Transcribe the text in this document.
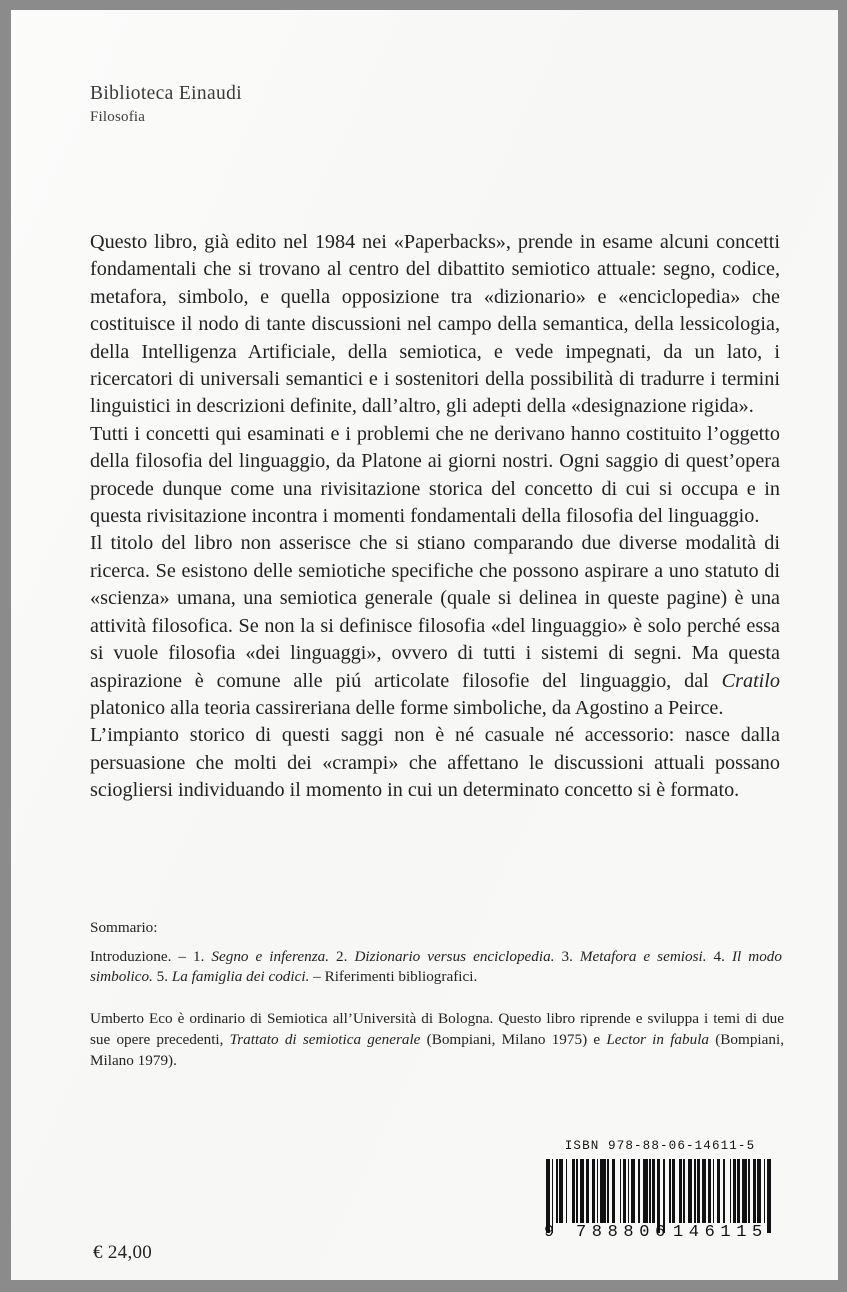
Biblioteca Einaudi
Filosofia

Questo libro, già edito nel 1984 nei «Paperbacks», prende in esame alcuni concetti fondamentali che si trovano al centro del dibattito semiotico attuale: segno, codice, metafora, simbolo, e quella opposizione tra «dizionario» e «enciclopedia» che costituisce il nodo di tante discussioni nel campo della semantica, della lessicologia, della Intelligenza Artificiale, della semiotica, e vede impegnati, da un lato, i ricercatori di universali semantici e i sostenitori della possibilità di tradurre i termini linguistici in descrizioni definite, dall’altro, gli adepti della «designazione rigida».

Tutti i concetti qui esaminati e i problemi che ne derivano hanno costituito l’oggetto della filosofia del linguaggio, da Platone ai giorni nostri. Ogni saggio di quest’opera procede dunque come una rivisitazione storica del concetto di cui si occupa e in questa rivisitazione incontra i momenti fondamentali della filosofia del linguaggio.

Il titolo del libro non asserisce che si stiano comparando due diverse modalità di ricerca. Se esistono delle semiotiche specifiche che possono aspirare a uno statuto di «scienza» umana, una semiotica generale (quale si delinea in queste pagine) è una attività filosofica. Se non la si definisce filosofia «del linguaggio» è solo perché essa si vuole filosofia «dei linguaggi», ovvero di tutti i sistemi di segni. Ma questa aspirazione è comune alle piú articolate filosofie del linguaggio, dal Cratilo platonico alla teoria cassireriana delle forme simboliche, da Agostino a Peirce.

L’impianto storico di questi saggi non è né casuale né accessorio: nasce dalla persuasione che molti dei «crampi» che affettano le discussioni attuali possano sciogliersi individuando il momento in cui un determinato concetto si è formato.

Sommario:
Introduzione. – 1. Segno e inferenza. 2. Dizionario versus enciclopedia. 3. Metafora e semiosi. 4. Il modo simbolico. 5. La famiglia dei codici. – Riferimenti bibliografici.
Umberto Eco è ordinario di Semiotica all’Università di Bologna. Questo libro riprende e sviluppa i temi di due sue opere precedenti, Trattato di semiotica generale (Bompiani, Milano 1975) e Lector in fabula (Bompiani, Milano 1979).
€ 24,00
ISBN 978-88-06-14611-5
9 788806 146115
